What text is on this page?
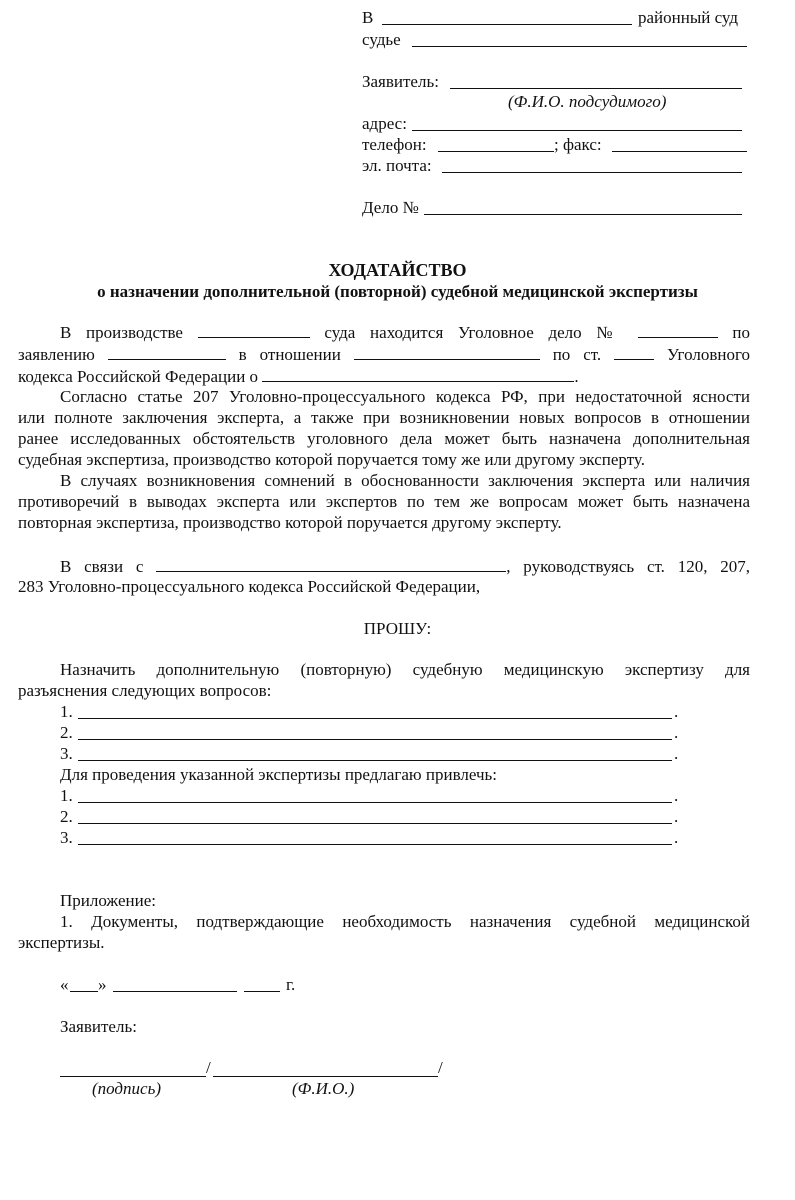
В	районный суд
судье
Заявитель:
(Ф.И.О. подсудимого)
адрес:
телефон:	; факс:
эл. почта:
Дело №
ХОДАТАЙСТВО
о назначении дополнительной (повторной) судебной медицинской экспертизы
В производстве	суда находится Уголовное дело №	по
заявлению	в отношении	по ст.	Уголовного
кодекса Российской Федерации о	.
Согласно статье 207 Уголовно-процессуального кодекса РФ, при недостаточной ясности
или полноте заключения эксперта, а также при возникновении новых вопросов в отношении
ранее исследованных обстоятельств уголовного дела может быть назначена дополнительная
судебная экспертиза, производство которой поручается тому же или другому эксперту.
В случаях возникновения сомнений в обоснованности заключения эксперта или наличия
противоречий в выводах эксперта или экспертов по тем же вопросам может быть назначена
повторная экспертиза, производство которой поручается другому эксперту.
В связи с	, руководствуясь ст. 120, 207,
283 Уголовно-процессуального кодекса Российской Федерации,
ПРОШУ:
Назначить дополнительную (повторную) судебную медицинскую экспертизу для
разъяснения следующих вопросов:
1.	.
2.	.
3.	.
Для проведения указанной экспертизы предлагаю привлечь:
1.	.
2.	.
3.	.
Приложение:
1. Документы, подтверждающие необходимость назначения судебной медицинской
экспертизы.
« »	г.
Заявитель:
/	/
(подпись)	(Ф.И.О.)
